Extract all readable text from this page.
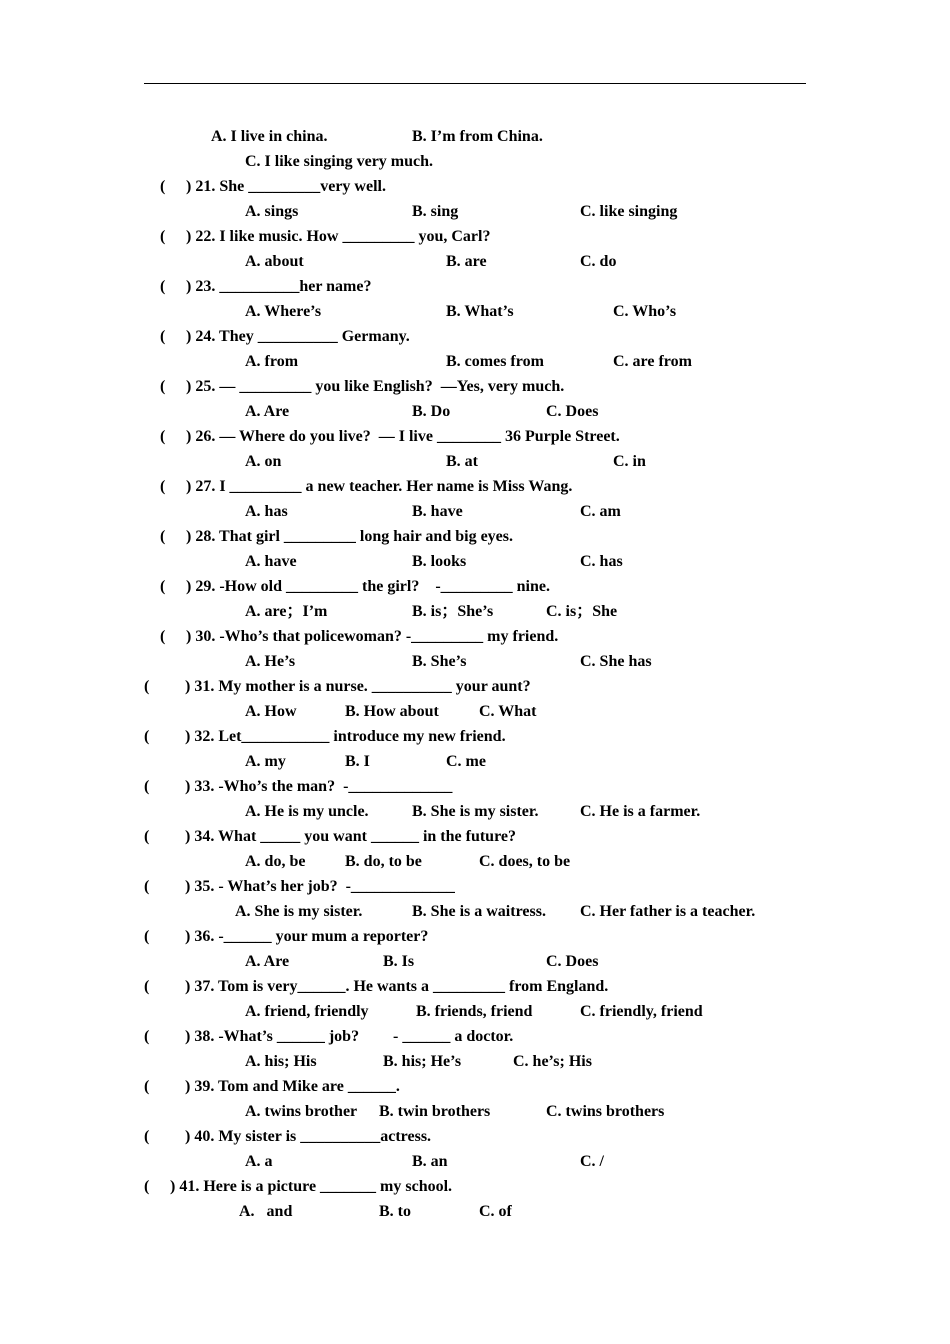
A. I live in china.	B. I’m from China.
C. I like singing very much.
( ) 21. She _________very well.
A. sings	B. sing	C. like singing
( ) 22. I like music. How _________ you, Carl?
A. about	B. are	C. do
( ) 23. __________her name?
A. Where’s	B. What’s	C. Who’s
( ) 24. They __________ Germany.
A. from	B. comes from	C. are from
( ) 25. — _________ you like English?  —Yes, very much.
A. Are	B. Do	C. Does
( ) 26. — Where do you live?  — I live ________ 36 Purple Street.
A. on	B. at	C. in
( ) 27. I _________ a new teacher. Her name is Miss Wang.
A. has	B. have	C. am
( ) 28. That girl _________ long hair and big eyes.
A. have	B. looks	C. has
( ) 29. -How old _________ the girl?    -_________ nine.
A. are；I’m	B. is；She’s	C. is；She
( ) 30. -Who’s that policewoman? -_________ my friend.
A. He’s	B. She’s	C. She has
( ) 31. My mother is a nurse. __________ your aunt?
A. How	B. How about	C. What
( ) 32. Let___________ introduce my new friend.
A. my	B. I	C. me
( ) 33. -Who’s the man?  -_____________
A. He is my uncle.	B. She is my sister.	C. He is a farmer.
( ) 34. What _____ you want ______ in the future?
A. do, be B. do, to be	C. does, to be
( ) 35. - What’s her job?  -_____________
A. She is my sister.	B. She is a waitress. C. Her father is a teacher.
( ) 36. -______ your mum a reporter?
A. Are	B. Is	C. Does
( ) 37. Tom is very______. He wants a _________ from England.
A. friend, friendly	B. friends, friend	C. friendly, friend
( ) 38. -What’s ______ job? - ______ a doctor.
A. his; His	B. his; He’s	C. he’s; His
( ) 39. Tom and Mike are ______.
A. twins brother B. twin brothers	C. twins brothers
( ) 40. My sister is __________actress.
A. a	B. an	C. /
( ) 41. Here is a picture _______ my school.
A.   and	B. to	C. of
